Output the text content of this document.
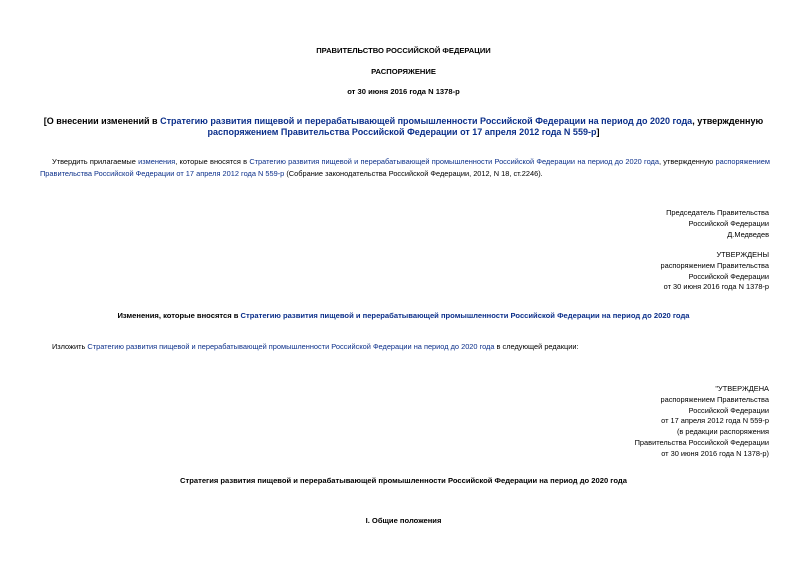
ПРАВИТЕЛЬСТВО РОССИЙСКОЙ ФЕДЕРАЦИИ
РАСПОРЯЖЕНИЕ
от 30 июня 2016 года N 1378-р
[О внесении изменений в Стратегию развития пищевой и перерабатывающей промышленности Российской Федерации на период до 2020 года, утвержденную распоряжением Правительства Российской Федерации от 17 апреля 2012 года N 559-р]
Утвердить прилагаемые изменения, которые вносятся в Стратегию развития пищевой и перерабатывающей промышленности Российской Федерации на период до 2020 года, утвержденную распоряжением Правительства Российской Федерации от 17 апреля 2012 года N 559-р (Собрание законодательства Российской Федерации, 2012, N 18, ст.2246).
Председатель Правительства
Российской Федерации
Д.Медведев
УТВЕРЖДЕНЫ
распоряжением Правительства
Российской Федерации
от 30 июня 2016 года N 1378-р
Изменения, которые вносятся в Стратегию развития пищевой и перерабатывающей промышленности Российской Федерации на период до 2020 года
Изложить Стратегию развития пищевой и перерабатывающей промышленности Российской Федерации на период до 2020 года в следующей редакции:
"УТВЕРЖДЕНА
распоряжением Правительства
Российской Федерации
от 17 апреля 2012 года N 559-р
(в редакции распоряжения
Правительства Российской Федерации
от 30 июня 2016 года N 1378-р)
Стратегия развития пищевой и перерабатывающей промышленности Российской Федерации на период до 2020 года
I. Общие положения
